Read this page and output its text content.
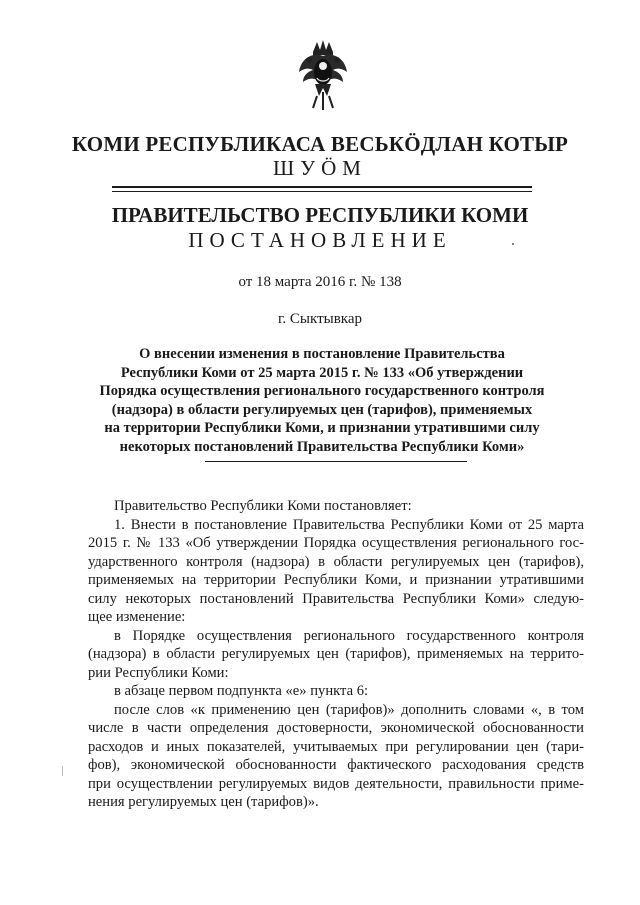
КОМИ РЕСПУБЛИКАСА ВЕСЬКӦДЛАН КОТЫР
ШУӦМ
ПРАВИТЕЛЬСТВО РЕСПУБЛИКИ КОМИ
ПОСТАНОВЛЕНИЕ
от 18 марта 2016 г. № 138
г. Сыктывкар
О внесении изменения в постановление Правительства
Республики Коми от 25 марта 2015 г. № 133 «Об утверждении
Порядка осуществления регионального государственного контроля
(надзора) в области регулируемых цен (тарифов), применяемых
на территории Республики Коми, и признании утратившими силу
некоторых постановлений Правительства Республики Коми»
Правительство Республики Коми постановляет:
1. Внести в постановление Правительства Республики Коми от 25 марта
2015 г. № 133 «Об утверждении Порядка осуществления регионального гос-
ударственного контроля (надзора) в области регулируемых цен (тарифов),
применяемых на территории Республики Коми, и признании утратившими
силу некоторых постановлений Правительства Республики Коми» следую-
щее изменение:
в Порядке осуществления регионального государственного контроля
(надзора) в области регулируемых цен (тарифов), применяемых на террито-
рии Республики Коми:
в абзаце первом подпункта «е» пункта 6:
после слов «к применению цен (тарифов)» дополнить словами «, в том
числе в части определения достоверности, экономической обоснованности
расходов и иных показателей, учитываемых при регулировании цен (тари-
фов), экономической обоснованности фактического расходования средств
при осуществлении регулируемых видов деятельности, правильности приме-
нения регулируемых цен (тарифов)».
